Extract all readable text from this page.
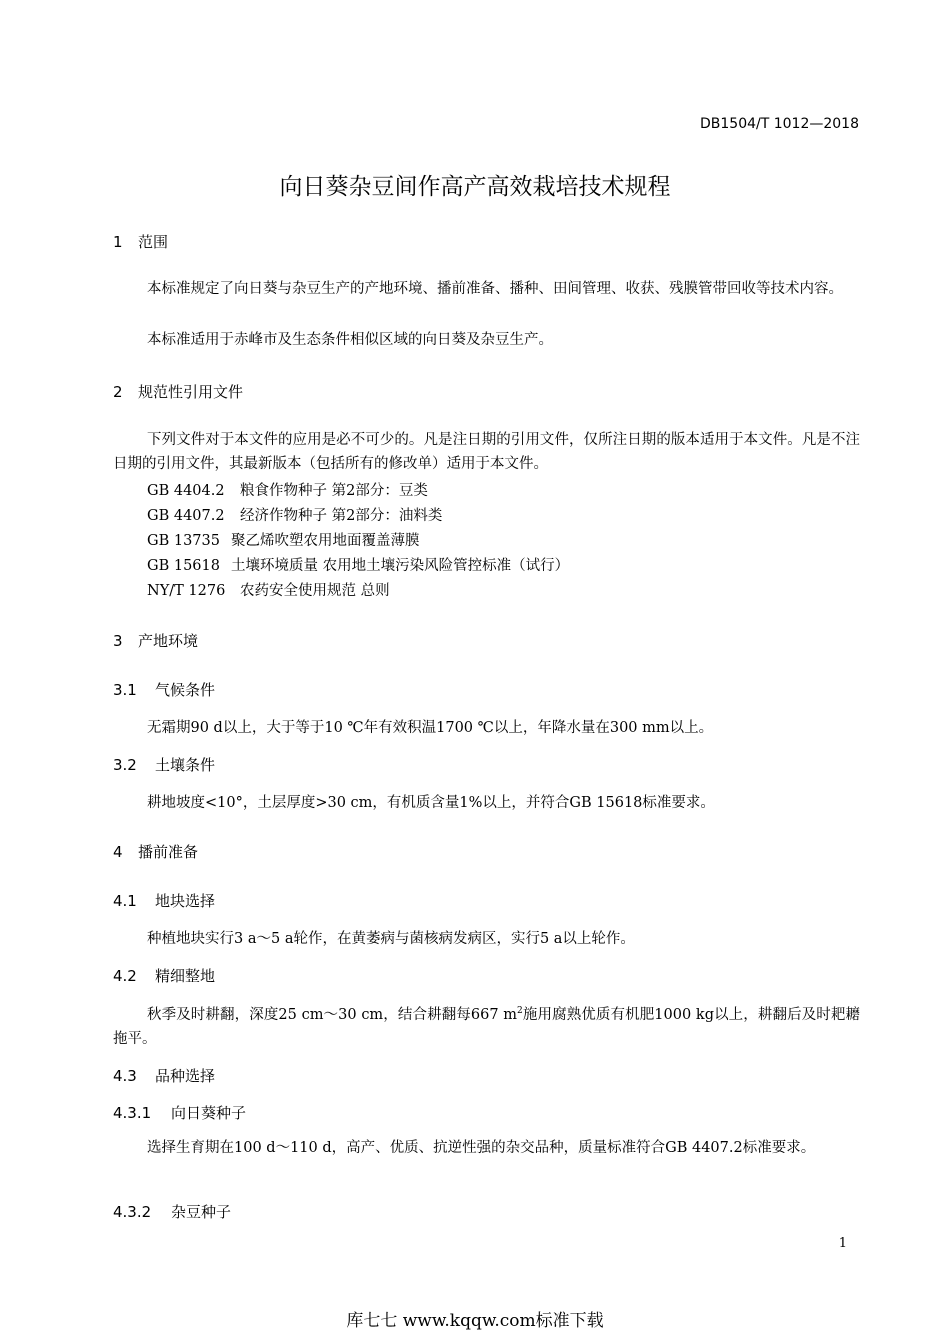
DB1504/T 1012—2018
向日葵杂豆间作高产高效栽培技术规程
1 范围
本标准规定了向日葵与杂豆生产的产地环境、播前准备、播种、田间管理、收获、残膜管带回收等技术内容。
本标准适用于赤峰市及生态条件相似区域的向日葵及杂豆生产。
2 规范性引用文件
下列文件对于本文件的应用是必不可少的。凡是注日期的引用文件，仅所注日期的版本适用于本文件。凡是不注日期的引用文件，其最新版本（包括所有的修改单）适用于本文件。
GB 4404.2 粮食作物种子 第2部分：豆类
GB 4407.2 经济作物种子 第2部分：油料类
GB 13735 聚乙烯吹塑农用地面覆盖薄膜
GB 15618 土壤环境质量 农用地土壤污染风险管控标准（试行）
NY/T 1276 农药安全使用规范 总则
3 产地环境
3.1 气候条件
无霜期90 d以上，大于等于10 ℃年有效积温1700 ℃以上，年降水量在300 mm以上。
3.2 土壤条件
耕地坡度<10°，土层厚度>30 cm，有机质含量1%以上，并符合GB 15618标准要求。
4 播前准备
4.1 地块选择
种植地块实行3 a～5 a轮作，在黄萎病与菌核病发病区，实行5 a以上轮作。
4.2 精细整地
秋季及时耕翻，深度25 cm～30 cm，结合耕翻每667 $m^2$施用腐熟优质有机肥1000 kg以上，耕翻后及时耙耱拖平。
4.3 品种选择
4.3.1 向日葵种子
选择生育期在100 d～110 d，高产、优质、抗逆性强的杂交品种，质量标准符合GB 4407.2标准要求。
4.3.2 杂豆种子
1
库七七 www.kqqw.com标准下载
